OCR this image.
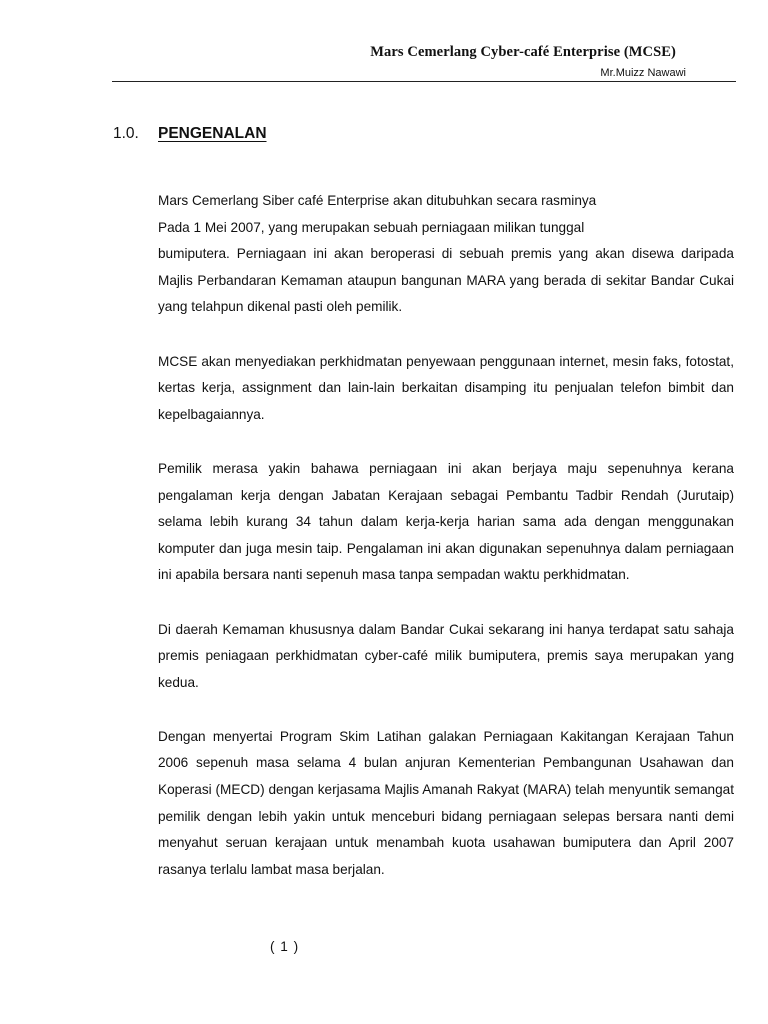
Mars Cemerlang Cyber-café Enterprise (MCSE)
Mr.Muizz Nawawi
1.0. PENGENALAN

Mars Cemerlang Siber café Enterprise akan ditubuhkan secara rasminya
Pada 1 Mei 2007, yang merupakan sebuah perniagaan milikan tunggal
bumiputera. Perniagaan ini akan beroperasi di sebuah premis yang akan disewa daripada Majlis Perbandaran Kemaman ataupun bangunan MARA yang berada di sekitar Bandar Cukai yang telahpun dikenal pasti oleh pemilik.

MCSE akan menyediakan perkhidmatan penyewaan penggunaan internet, mesin faks, fotostat, kertas kerja, assignment dan lain-lain berkaitan disamping itu penjualan telefon bimbit dan kepelbagaiannya.

Pemilik merasa yakin bahawa perniagaan ini akan berjaya maju sepenuhnya kerana pengalaman kerja dengan Jabatan Kerajaan sebagai Pembantu Tadbir Rendah (Jurutaip) selama lebih kurang 34 tahun dalam kerja-kerja harian sama ada dengan menggunakan komputer dan juga mesin taip. Pengalaman ini akan digunakan sepenuhnya dalam perniagaan ini apabila bersara nanti sepenuh masa tanpa sempadan waktu perkhidmatan.

Di daerah Kemaman khususnya dalam Bandar Cukai sekarang ini hanya terdapat satu sahaja premis peniagaan perkhidmatan cyber-café milik bumiputera, premis saya merupakan yang kedua.

Dengan menyertai Program Skim Latihan galakan Perniagaan Kakitangan Kerajaan Tahun 2006 sepenuh masa selama 4 bulan anjuran Kementerian Pembangunan Usahawan dan Koperasi (MECD) dengan kerjasama Majlis Amanah Rakyat (MARA) telah menyuntik semangat pemilik dengan lebih yakin untuk menceburi bidang perniagaan selepas bersara nanti demi menyahut seruan kerajaan untuk menambah kuota usahawan bumiputera dan April 2007 rasanya terlalu lambat masa berjalan.

( 1 )
